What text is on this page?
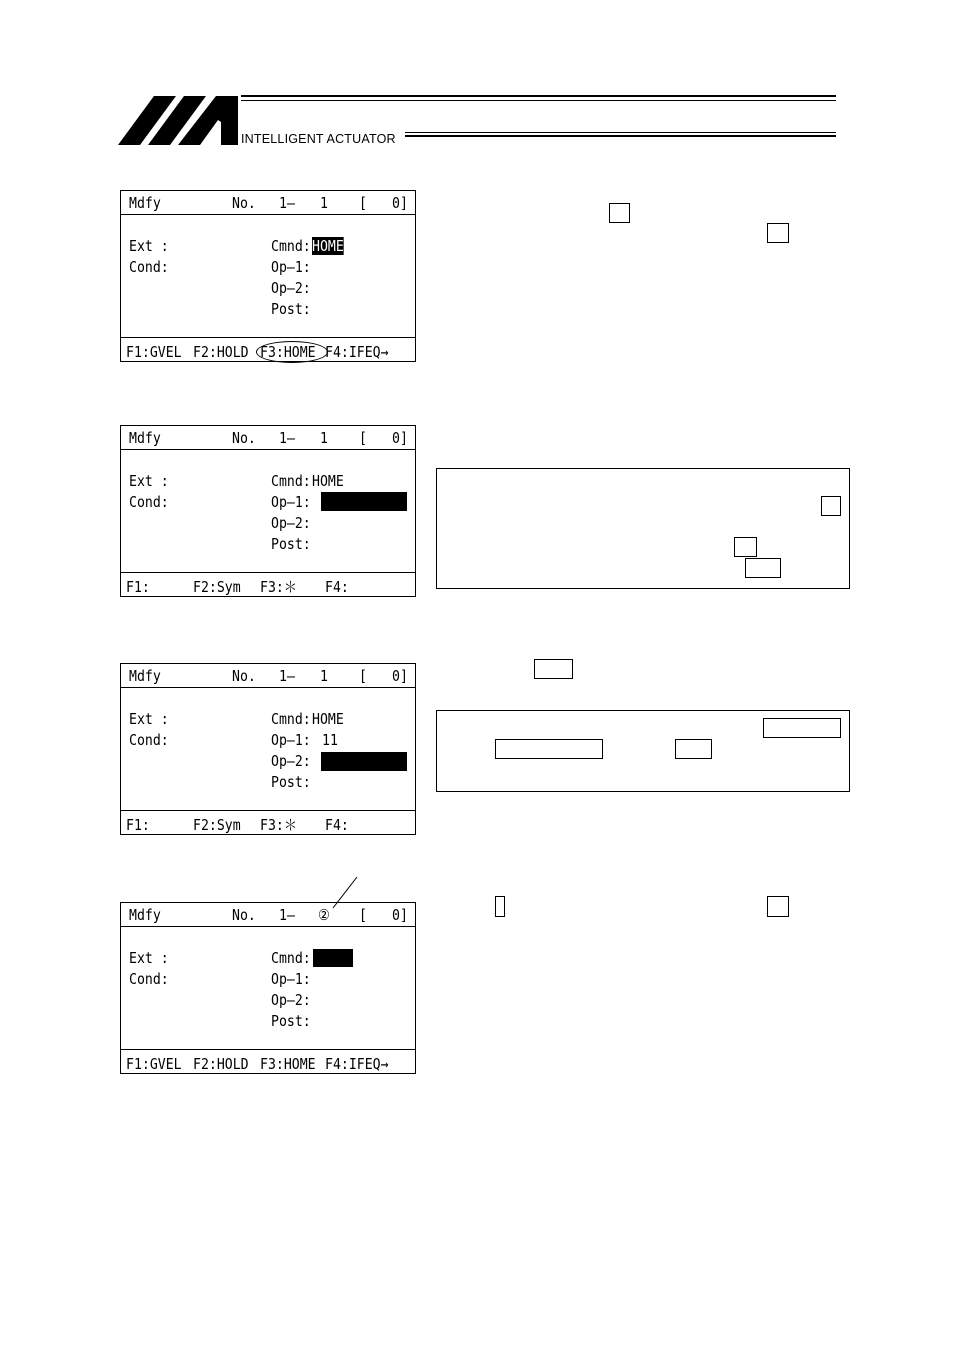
INTELLIGENT ACTUATOR
Mdfy	No. 1– 1 [ 0]
Ext :
Cond:
Cmnd: HOME
Op–1:
Op–2:
Post:
F1:GVEL F2:HOLD F3:HOME F4:IFEQ→
Mdfy	No. 1– 1 [ 0]
Ext :
Cond:
Cmnd: HOME
Op–1:
Op–2:
Post:
F1:	F2:Sym F3:＊ F4:
Mdfy	No. 1– 1 [ 0]
Ext :
Cond:
Cmnd: HOME
Op–1: 11
Op–2:
Post:
F1:	F2:Sym F3:＊ F4:
Mdfy	No. 1– ② [ 0]
Ext :
Cond:
Cmnd:
Op–1:
Op–2:
Post:
F1:GVEL F2:HOLD F3:HOME F4:IFEQ→
